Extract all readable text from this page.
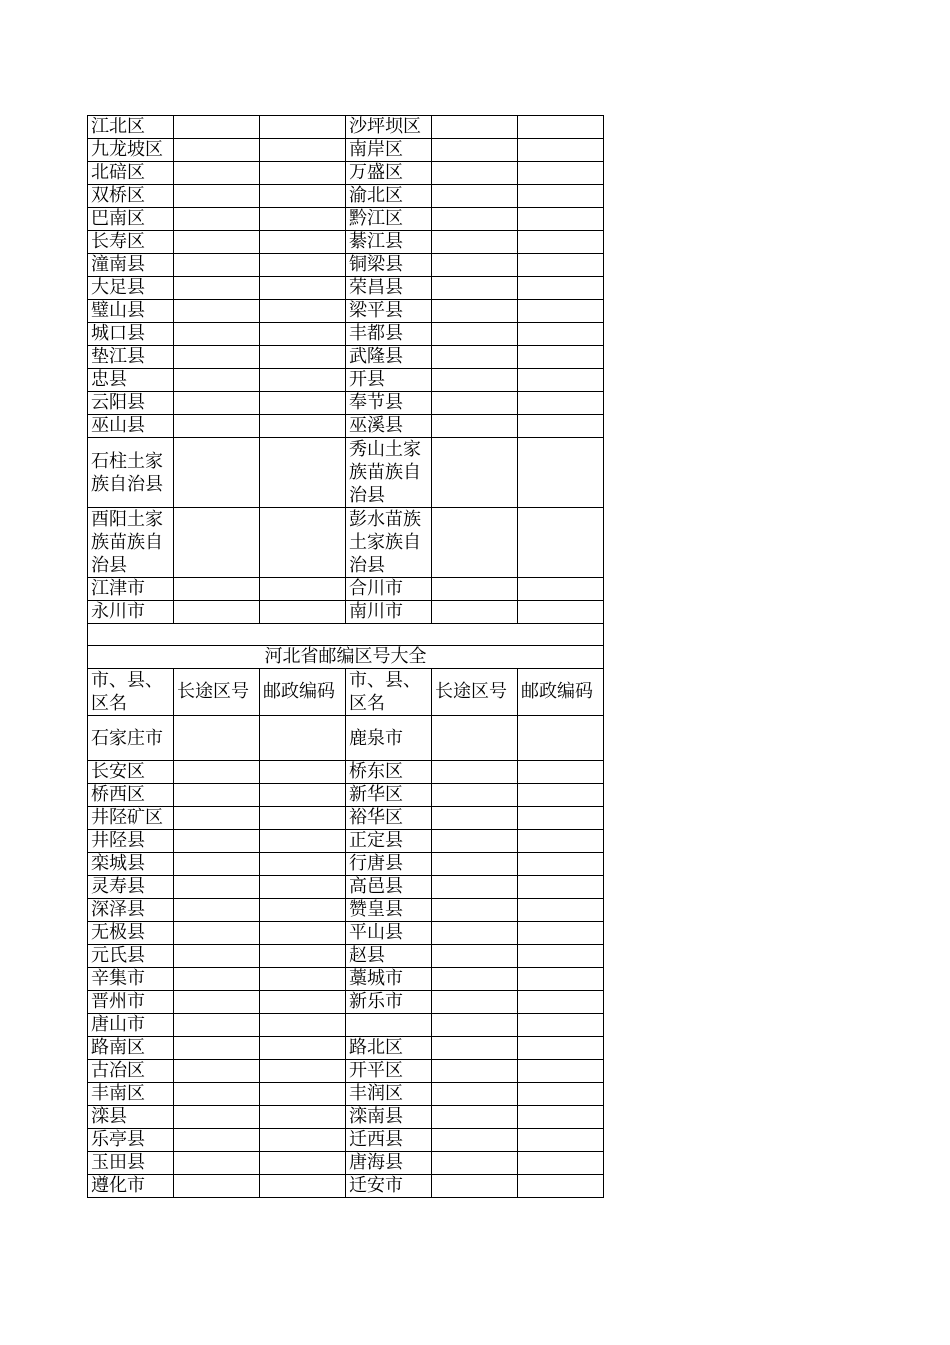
江北区			沙坪坝区		
九龙坡区			南岸区		
北碚区			万盛区		
双桥区			渝北区		
巴南区			黔江区		
长寿区			綦江县		
潼南县			铜梁县		
大足县			荣昌县		
璧山县			梁平县		
城口县			丰都县		
垫江县			武隆县		
忠县			开县		
云阳县			奉节县		
巫山县			巫溪县		
石柱土家族自治县			秀山土家族苗族自治县		
酉阳土家族苗族自治县			彭水苗族土家族自治县		
江津市			合川市		
永川市			南川市		

河北省邮编区号大全					
市、县、区名	长途区号	邮政编码	市、县、区名	长途区号	邮政编码
石家庄市			鹿泉市		
长安区			桥东区		
桥西区			新华区		
井陉矿区			裕华区		
井陉县			正定县		
栾城县			行唐县		
灵寿县			高邑县		
深泽县			赞皇县		
无极县			平山县		
元氏县			赵县		
辛集市			藁城市		
晋州市			新乐市		
唐山市					
路南区			路北区		
古冶区			开平区		
丰南区			丰润区		
滦县			滦南县		
乐亭县			迁西县		
玉田县			唐海县		
遵化市			迁安市		
